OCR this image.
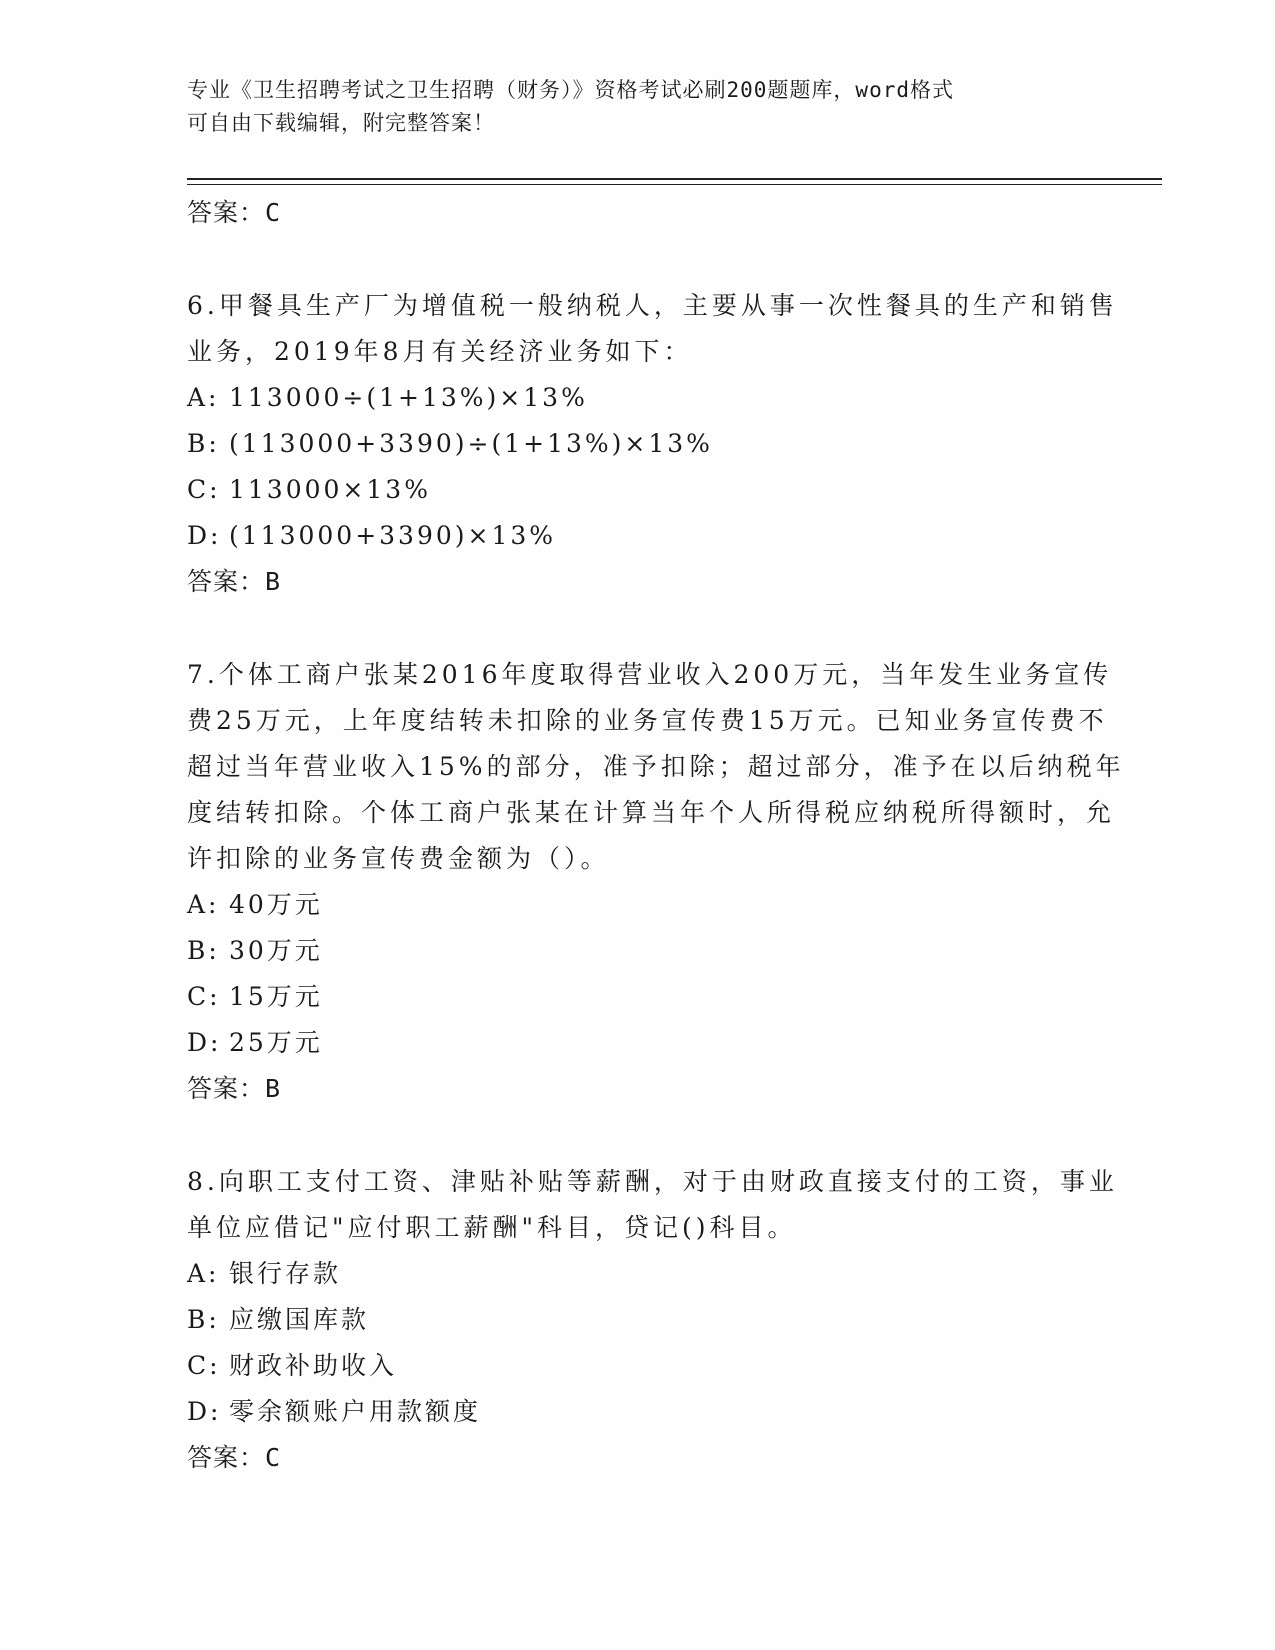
专业《卫生招聘考试之卫生招聘（财务）》资格考试必刷200题题库，word格式
可自由下载编辑，附完整答案！
答案：C
6.甲餐具生产厂为增值税一般纳税人，主要从事一次性餐具的生产和销售业务，2019年8月有关经济业务如下：
A: 113000÷(1+13%)×13%
B: (113000+3390)÷(1+13%)×13%
C: 113000×13%
D: (113000+3390)×13%
答案：B
7.个体工商户张某2016年度取得营业收入200万元，当年发生业务宣传费25万元，上年度结转未扣除的业务宣传费15万元。已知业务宣传费不超过当年营业收入15%的部分，准予扣除；超过部分，准予在以后纳税年度结转扣除。个体工商户张某在计算当年个人所得税应纳税所得额时，允许扣除的业务宣传费金额为（）。
A: 40万元
B: 30万元
C: 15万元
D: 25万元
答案：B
8.向职工支付工资、津贴补贴等薪酬，对于由财政直接支付的工资，事业单位应借记"应付职工薪酬"科目，贷记()科目。
A: 银行存款
B: 应缴国库款
C: 财政补助收入
D: 零余额账户用款额度
答案：C
